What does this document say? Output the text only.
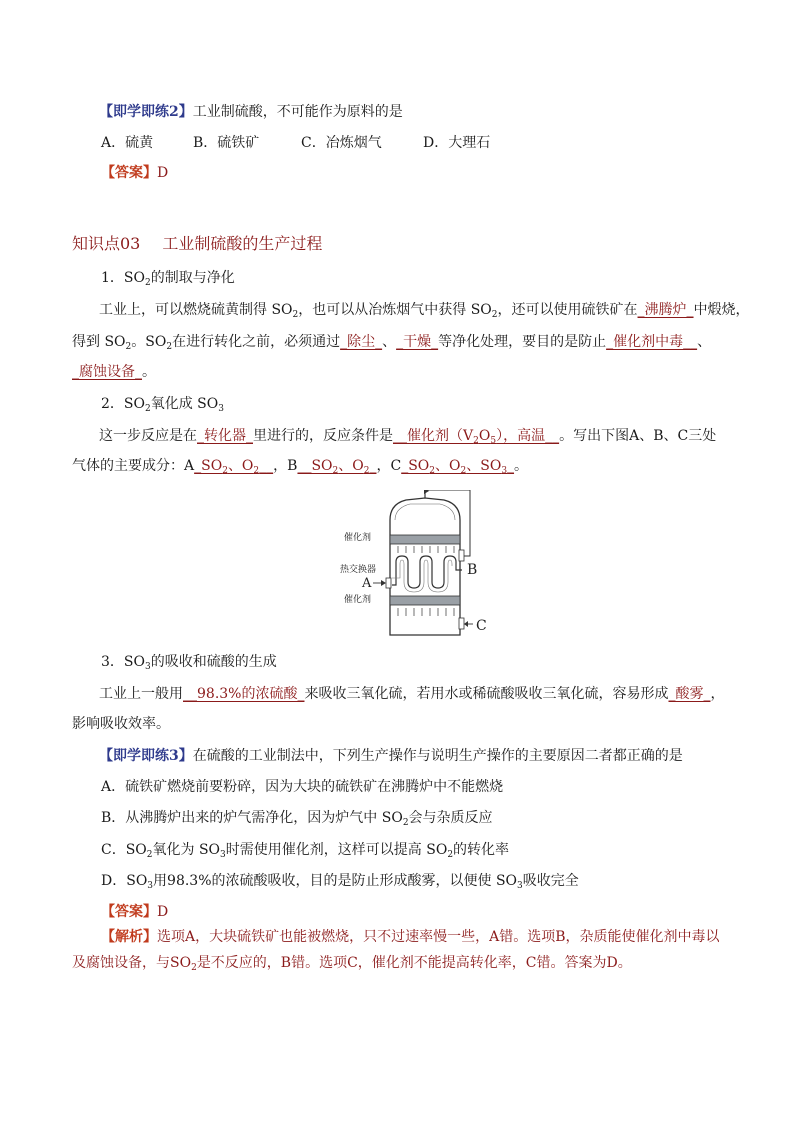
【即学即练2】工业制硫酸，不可能作为原料的是
A．硫黄	B．硫铁矿	C．冶炼烟气	D．大理石
【答案】D
知识点03 工业制硫酸的生产过程
1．$SO_2$的制取与净化
工业上，可以燃烧硫黄制得 $SO_2$，也可以从冶炼烟气中获得 $SO_2$，还可以使用硫铁矿在_沸腾炉_中煅烧，
得到 $SO_2$。$SO_2$在进行转化之前，必须通过_除尘_、_干燥_等净化处理，要目的是防止_催化剂中毒__、
_腐蚀设备_。
2．$SO_2$氧化成 $SO_3$
这一步反应是在_转化器_里进行的，反应条件是__催化剂$(V_2O_5)$，高温__。写出下图A、B、C三处
气体的主要成分：$A\_SO_2$、$O_2\_\_$，$B\_\_SO_2$、$O_2\_$，$C\_SO_2$、$O_2$、$SO_3\_$。
催化剂
热交换器
A
催化剂
B
C
3．$SO_3$的吸收和硫酸的生成
工业上一般用__98.3%的浓硫酸_来吸收三氧化硫，若用水或稀硫酸吸收三氧化硫，容易形成_酸雾_，
影响吸收效率。
【即学即练3】在硫酸的工业制法中，下列生产操作与说明生产操作的主要原因二者都正确的是
A．硫铁矿燃烧前要粉碎，因为大块的硫铁矿在沸腾炉中不能燃烧
B．从沸腾炉出来的炉气需净化，因为炉气中 $SO_2$会与杂质反应
C．$SO_2$氧化为 $SO_3$时需使用催化剂，这样可以提高 $SO_2$的转化率
D．$SO_3$用98.3%的浓硫酸吸收，目的是防止形成酸雾，以便使 $SO_3$吸收完全
【答案】D
【解析】选项A，大块硫铁矿也能被燃烧，只不过速率慢一些，A错。选项B，杂质能使催化剂中毒以
及腐蚀设备，与$SO_2$是不反应的，B错。选项C，催化剂不能提高转化率，C错。答案为D。
